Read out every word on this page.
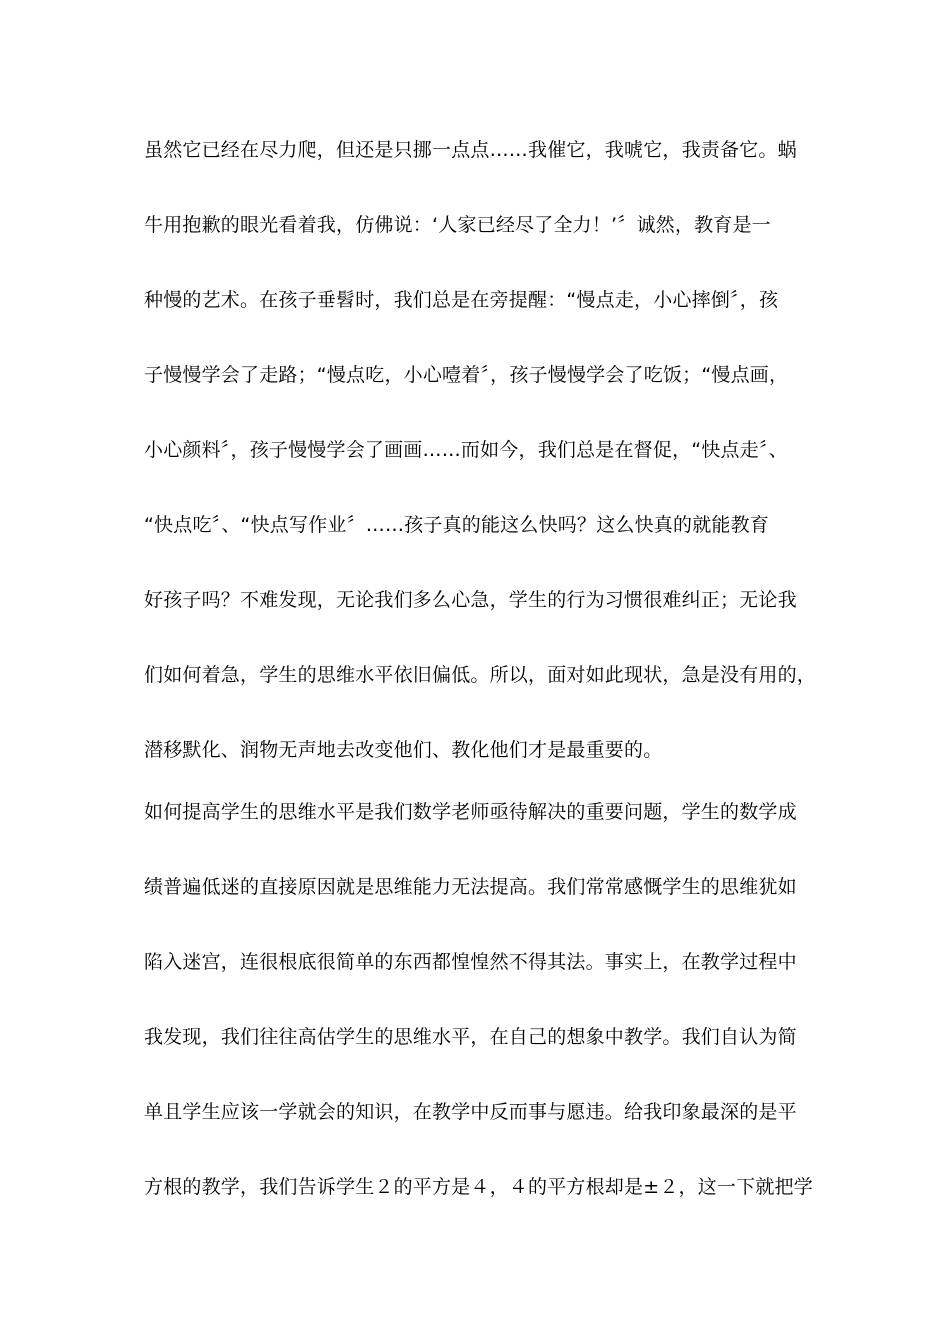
虽然它已经在尽力爬，但还是只挪一点点……我催它，我唬它，我责备它。蜗
牛用抱歉的眼光看着我，仿佛说：‘人家已经尽了全力！’〞诚然，教育是一
种慢的艺术。在孩子垂髫时，我们总是在旁提醒：“慢点走，小心摔倒〞，孩
子慢慢学会了走路；“慢点吃，小心噎着〞，孩子慢慢学会了吃饭；“慢点画，
小心颜料〞，孩子慢慢学会了画画……而如今，我们总是在督促，“快点走〞、
“快点吃〞、“快点写作业〞……孩子真的能这么快吗？这么快真的就能教育
好孩子吗？不难发现，无论我们多么心急，学生的行为习惯很难纠正；无论我
们如何着急，学生的思维水平依旧偏低。所以，面对如此现状，急是没有用的，
潜移默化、润物无声地去改变他们、教化他们才是最重要的。
如何提高学生的思维水平是我们数学老师亟待解决的重要问题，学生的数学成
绩普遍低迷的直接原因就是思维能力无法提高。我们常常感慨学生的思维犹如
陷入迷宫，连很根底很简单的东西都惶惶然不得其法。事实上，在教学过程中
我发现，我们往往高估学生的思维水平，在自己的想象中教学。我们自认为简
单且学生应该一学就会的知识，在教学中反而事与愿违。给我印象最深的是平
方根的教学，我们告诉学生２的平方是４，４的平方根却是±２，这一下就把学
